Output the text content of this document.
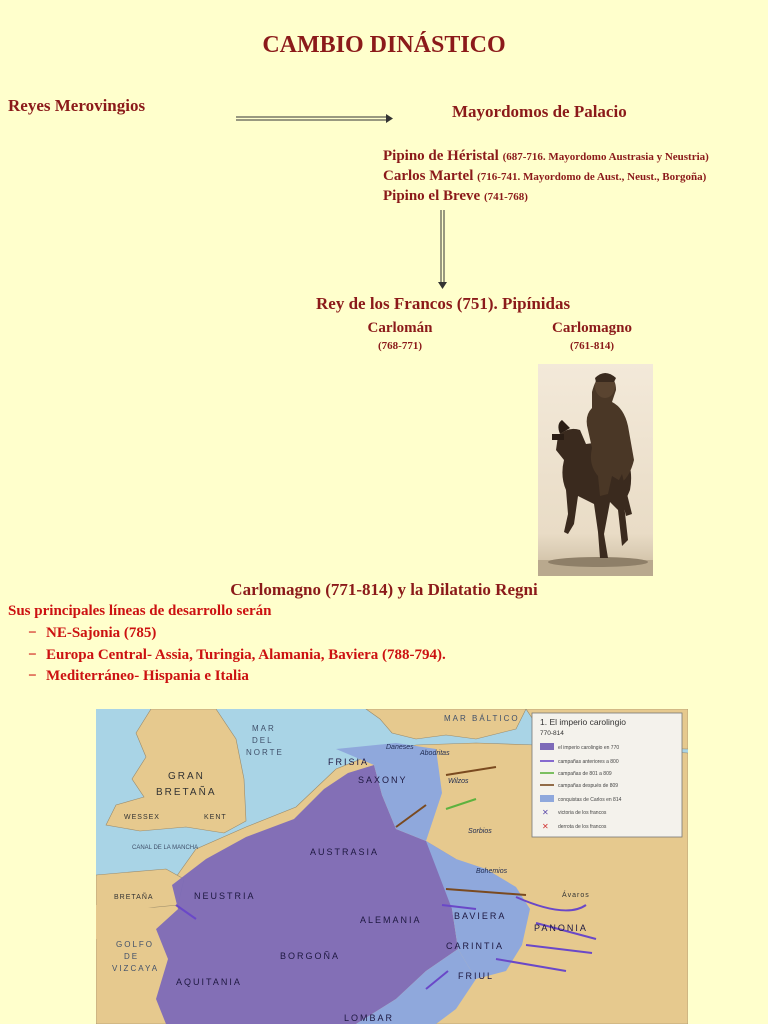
CAMBIO DINÁSTICO
Reyes Merovingios	Mayordomos de Palacio
Pipino de Héristal (687-716. Mayordomo Austrasia y Neustria)
Carlos Martel (716-741. Mayordomo de Aust., Neust., Borgoña)
Pipino el Breve (741-768)
Rey de los Francos (751). Pipínidas
Carlomán
(768-771)
Carlomagno
(761-814)
Carlomagno (771-814) y la Dilatatio Regni
Sus principales líneas de desarrollo serán
− NE-Sajonia (785)
− Europa Central- Assia, Turingia, Alamania, Baviera (788-794).
− Mediterráneo- Hispania e Italia
1. El imperio carolingio
770-814
el imperio carolingio en 770
campañas anteriores a 800
campañas de 801 a 809
campañas después de 809
conquistas de Carlos en 814
✕ victoria de los francos
✕ derrota de los francos
MAR
DEL
NORTE
MAR BÁLTICO
GOLFO
DE
VIZCAYA
CANAL DE LA MANCHA
GRAN
BRETAÑA
WESSEX	KENT
BRETAÑA	Ávaros
Daneses
Abodritas
Wilzos
Sorbios
Bohemios
FRISIA
SAXONY
AUSTRASIA
NEUSTRIA
ALEMANIA	BAVIERA
PANONIA
CARINTIA
AQUITANIA
BORGOÑA
FRIUL
LOMBAR
